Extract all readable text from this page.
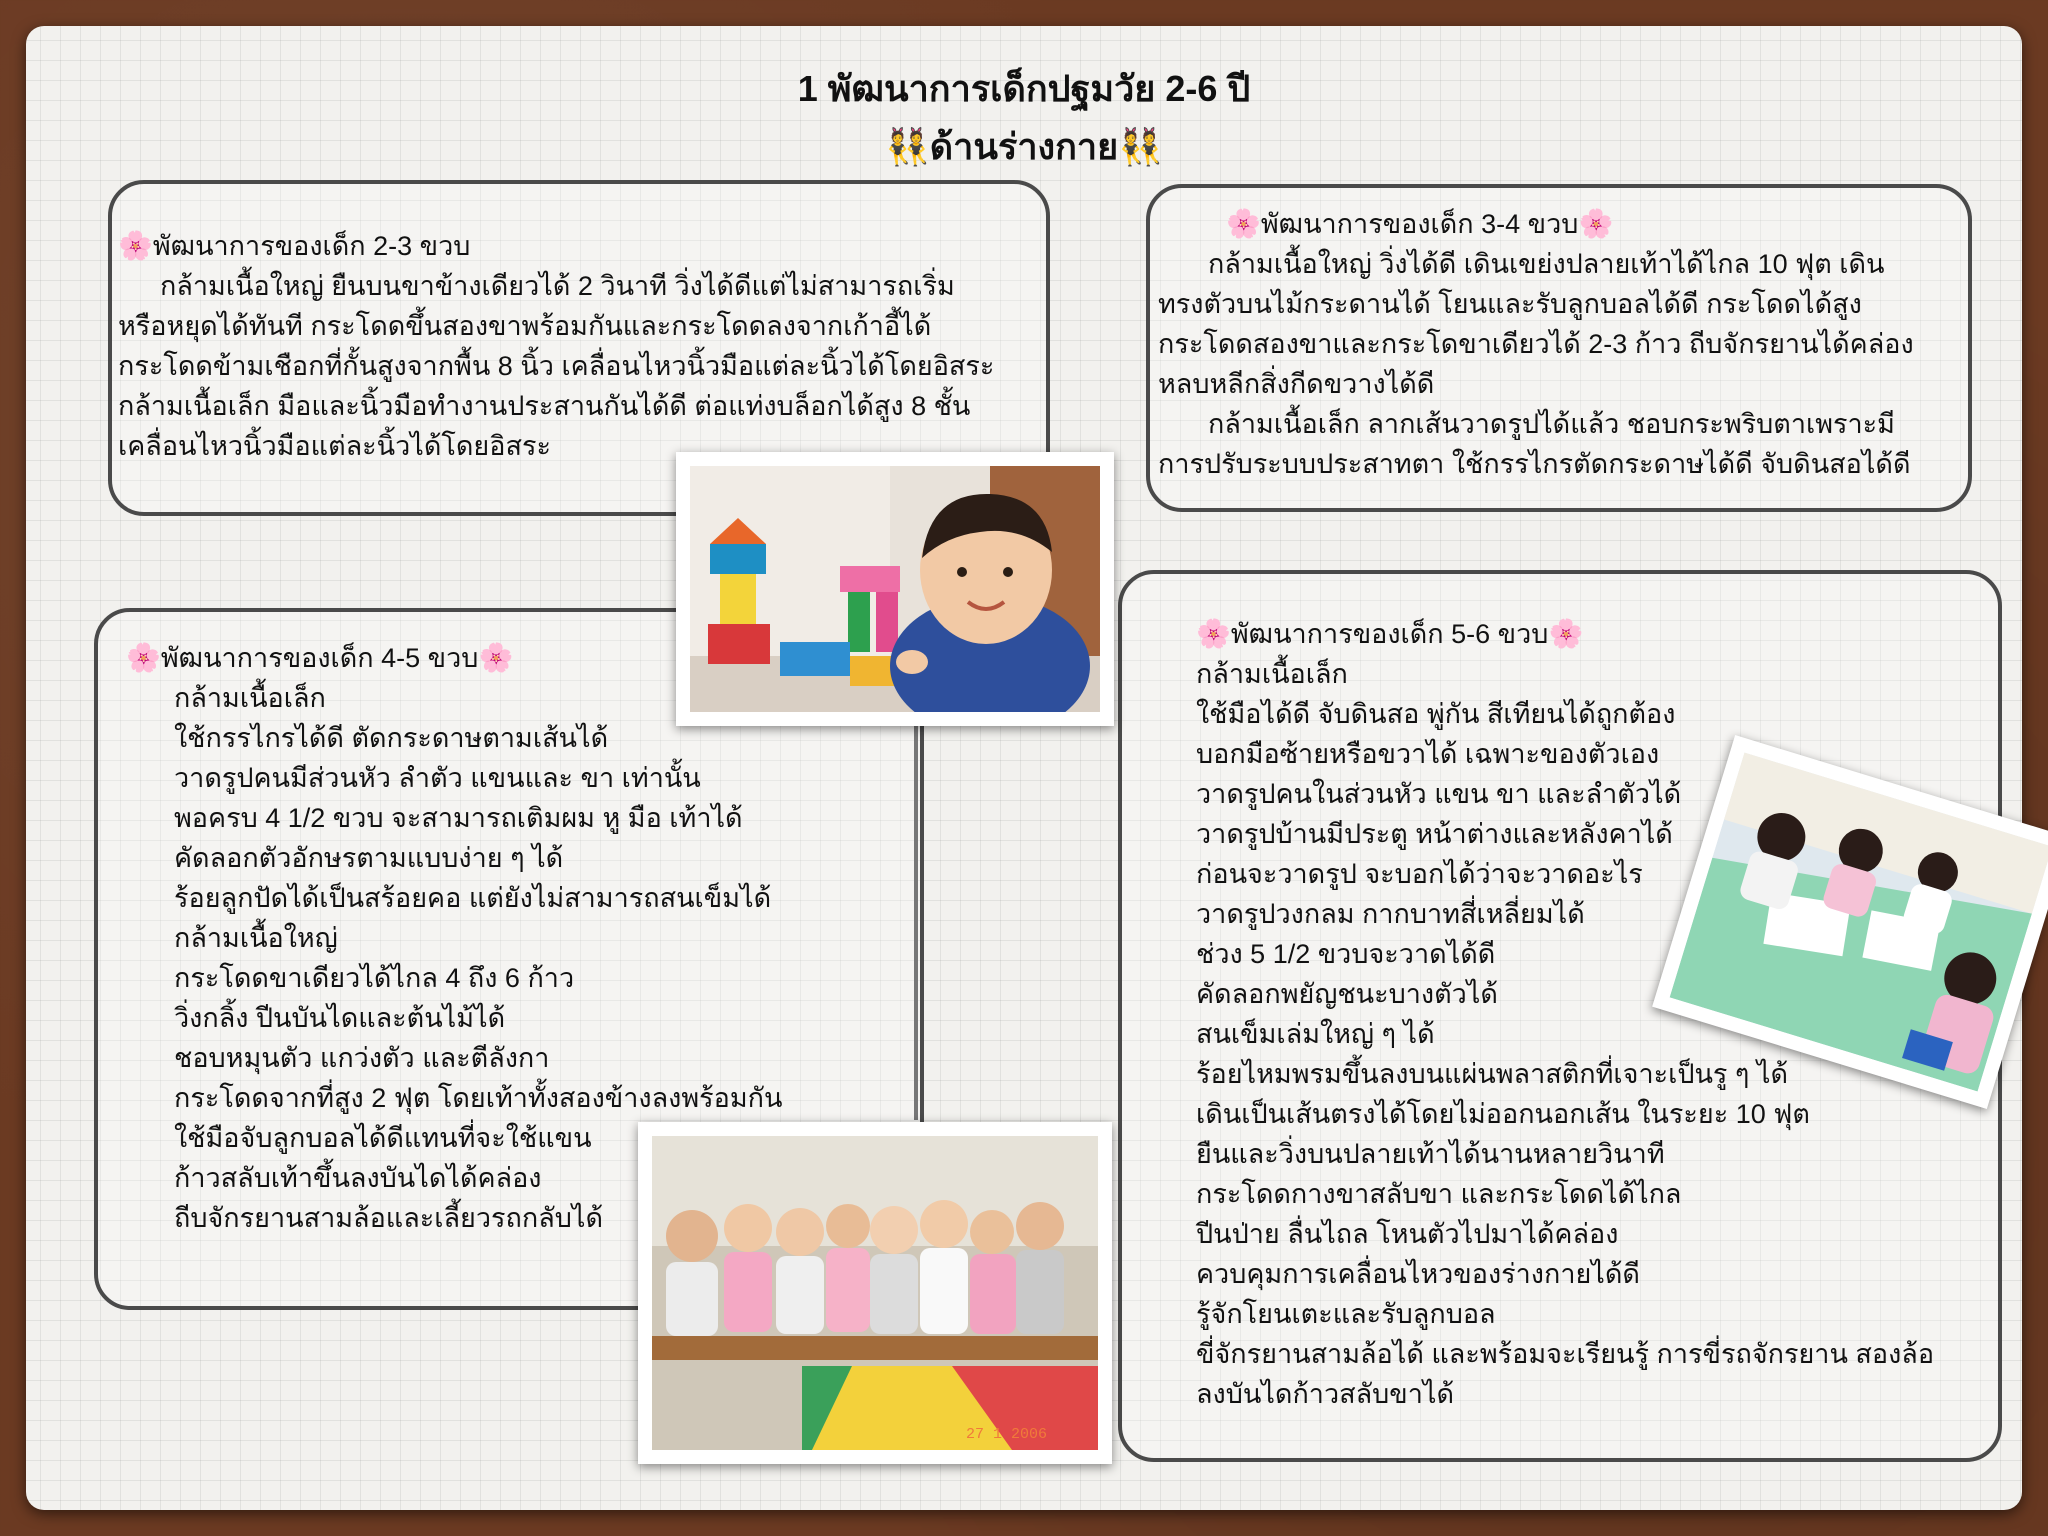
1 พัฒนาการเด็กปฐมวัย 2-6 ปี
👯ด้านร่างกาย👯

🌸พัฒนาการของเด็ก 2-3 ขวบ

กล้ามเนื้อใหญ่ ยืนบนขาข้างเดียวได้ 2 วินาที วิ่งได้ดีแต่ไม่สามารถเริ่ม

หรือหยุดได้ทันที กระโดดขึ้นสองขาพร้อมกันและกระโดดลงจากเก้าอี้ได้

กระโดดข้ามเชือกที่กั้นสูงจากพื้น 8 นิ้ว เคลื่อนไหวนิ้วมือแต่ละนิ้วได้โดยอิสระ

กล้ามเนื้อเล็ก มือและนิ้วมือทำงานประสานกันได้ดี ต่อแท่งบล็อกได้สูง 8 ชั้น

เคลื่อนไหวนิ้วมือแต่ละนิ้วได้โดยอิสระ

🌸พัฒนาการของเด็ก 3-4 ขวบ🌸

กล้ามเนื้อใหญ่ วิ่งได้ดี เดินเขย่งปลายเท้าได้ไกล 10 ฟุต เดิน

ทรงตัวบนไม้กระดานได้ โยนและรับลูกบอลได้ดี กระโดดได้สูง

กระโดดสองขาและกระโดขาเดียวได้ 2-3 ก้าว ถีบจักรยานได้คล่อง

หลบหลีกสิ่งกีดขวางได้ดี

กล้ามเนื้อเล็ก ลากเส้นวาดรูปได้แล้ว ชอบกระพริบตาเพราะมี

การปรับระบบประสาทตา ใช้กรรไกรตัดกระดาษได้ดี จับดินสอได้ดี

🌸พัฒนาการของเด็ก 4-5 ขวบ🌸

กล้ามเนื้อเล็ก

ใช้กรรไกรได้ดี ตัดกระดาษตามเส้นได้

วาดรูปคนมีส่วนหัว ลำตัว แขนและ ขา เท่านั้น

พอครบ 4 1/2 ขวบ จะสามารถเติมผม หู มือ เท้าได้

คัดลอกตัวอักษรตามแบบง่าย ๆ ได้

ร้อยลูกปัดได้เป็นสร้อยคอ แต่ยังไม่สามารถสนเข็มได้

กล้ามเนื้อใหญ่

กระโดดขาเดียวได้ไกล 4 ถึง 6 ก้าว

วิ่งกลิ้ง ปีนบันไดและต้นไม้ได้

ชอบหมุนตัว แกว่งตัว และตีลังกา

กระโดดจากที่สูง 2 ฟุต โดยเท้าทั้งสองข้างลงพร้อมกัน

ใช้มือจับลูกบอลได้ดีแทนที่จะใช้แขน

ก้าวสลับเท้าขึ้นลงบันไดได้คล่อง

ถีบจักรยานสามล้อและเลี้ยวรถกลับได้

🌸พัฒนาการของเด็ก 5-6 ขวบ🌸

กล้ามเนื้อเล็ก

ใช้มือได้ดี จับดินสอ พู่กัน สีเทียนได้ถูกต้อง

บอกมือซ้ายหรือขวาได้ เฉพาะของตัวเอง

วาดรูปคนในส่วนหัว แขน ขา และลำตัวได้

วาดรูปบ้านมีประตู หน้าต่างและหลังคาได้

ก่อนจะวาดรูป จะบอกได้ว่าจะวาดอะไร

วาดรูปวงกลม กากบาทสี่เหลี่ยมได้

ช่วง 5 1/2 ขวบจะวาดได้ดี

คัดลอกพยัญชนะบางตัวได้

สนเข็มเล่มใหญ่ ๆ ได้

ร้อยไหมพรมขึ้นลงบนแผ่นพลาสติกที่เจาะเป็นรู ๆ ได้

เดินเป็นเส้นตรงได้โดยไม่ออกนอกเส้น ในระยะ 10 ฟุต

ยืนและวิ่งบนปลายเท้าได้นานหลายวินาที

กระโดดกางขาสลับขา และกระโดดได้ไกล

ปีนป่าย ลื่นไถล โหนตัวไปมาได้คล่อง

ควบคุมการเคลื่อนไหวของร่างกายได้ดี

รู้จักโยนเตะและรับลูกบอล

ขี่จักรยานสามล้อได้ และพร้อมจะเรียนรู้ การขี่รถจักรยาน สองล้อ

ลงบันไดก้าวสลับขาได้

27 1 2006
